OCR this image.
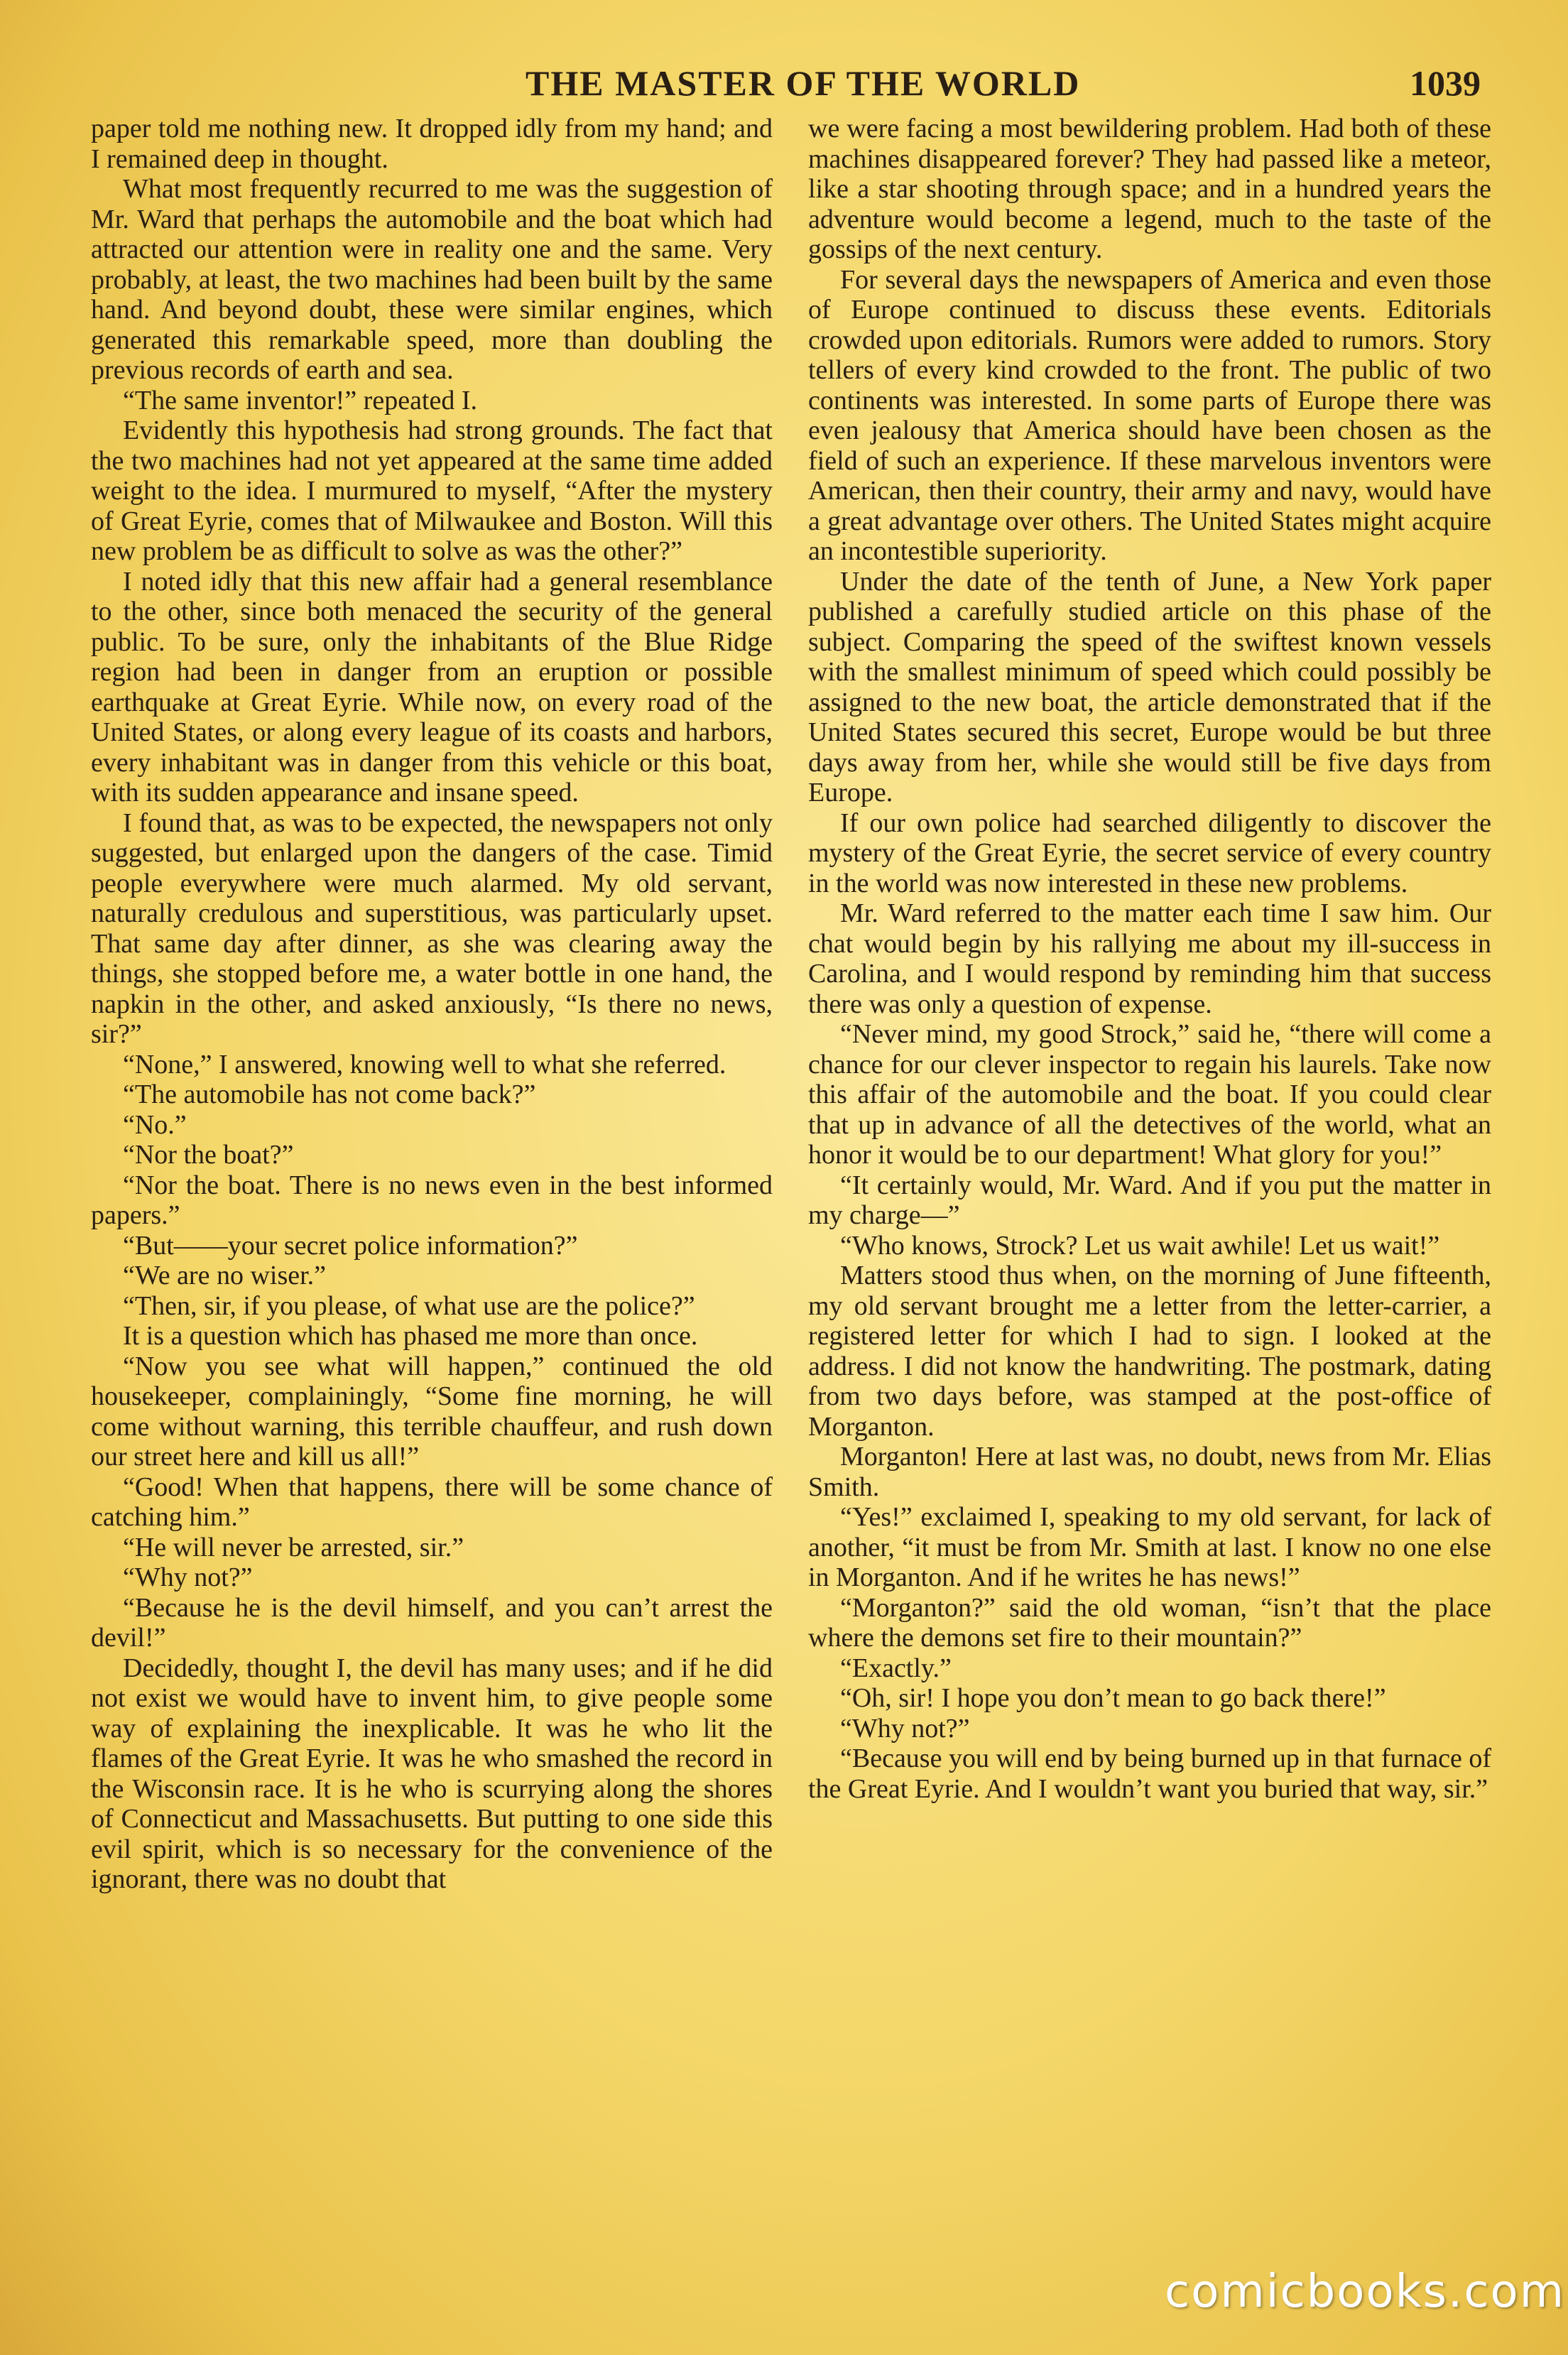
THE MASTER OF THE WORLD	1039

paper told me nothing new. It dropped idly from my hand; and I remained deep in thought.

What most frequently recurred to me was the suggestion of Mr. Ward that perhaps the automobile and the boat which had attracted our attention were in reality one and the same. Very probably, at least, the two machines had been built by the same hand. And beyond doubt, these were similar engines, which generated this remarkable speed, more than doubling the previous records of earth and sea.

“The same inventor!” repeated I.

Evidently this hypothesis had strong grounds. The fact that the two machines had not yet appeared at the same time added weight to the idea. I murmured to myself, “After the mystery of Great Eyrie, comes that of Milwaukee and Boston. Will this new problem be as difficult to solve as was the other?”

I noted idly that this new affair had a general resemblance to the other, since both menaced the security of the general public. To be sure, only the inhabitants of the Blue Ridge region had been in danger from an eruption or possible earthquake at Great Eyrie. While now, on every road of the United States, or along every league of its coasts and harbors, every inhabitant was in danger from this vehicle or this boat, with its sudden appearance and insane speed.

I found that, as was to be expected, the newspapers not only suggested, but enlarged upon the dangers of the case. Timid people everywhere were much alarmed. My old servant, naturally credulous and superstitious, was particularly upset. That same day after dinner, as she was clearing away the things, she stopped before me, a water bottle in one hand, the napkin in the other, and asked anxiously, “Is there no news, sir?”

“None,” I answered, knowing well to what she referred.

“The automobile has not come back?”

“No.”

“Nor the boat?”

“Nor the boat. There is no news even in the best informed papers.”

“But——your secret police information?”

“We are no wiser.”

“Then, sir, if you please, of what use are the police?”

It is a question which has phased me more than once.

“Now you see what will happen,” continued the old housekeeper, complainingly, “Some fine morning, he will come without warning, this terrible chauffeur, and rush down our street here and kill us all!”

“Good! When that happens, there will be some chance of catching him.”

“He will never be arrested, sir.”

“Why not?”

“Because he is the devil himself, and you can’t arrest the devil!”

Decidedly, thought I, the devil has many uses; and if he did not exist we would have to invent him, to give people some way of explaining the inexplicable. It was he who lit the flames of the Great Eyrie. It was he who smashed the record in the Wisconsin race. It is he who is scurrying along the shores of Connecticut and Massachusetts. But putting to one side this evil spirit, which is so necessary for the convenience of the ignorant, there was no doubt that

we were facing a most bewildering problem. Had both of these machines disappeared forever? They had passed like a meteor, like a star shooting through space; and in a hundred years the adventure would become a legend, much to the taste of the gossips of the next century.

For several days the newspapers of America and even those of Europe continued to discuss these events. Editorials crowded upon editorials. Rumors were added to rumors. Story tellers of every kind crowded to the front. The public of two continents was interested. In some parts of Europe there was even jealousy that America should have been chosen as the field of such an experience. If these marvelous inventors were American, then their country, their army and navy, would have a great advantage over others. The United States might acquire an incontestible superiority.

Under the date of the tenth of June, a New York paper published a carefully studied article on this phase of the subject. Comparing the speed of the swiftest known vessels with the smallest minimum of speed which could possibly be assigned to the new boat, the article demonstrated that if the United States secured this secret, Europe would be but three days away from her, while she would still be five days from Europe.

If our own police had searched diligently to discover the mystery of the Great Eyrie, the secret service of every country in the world was now interested in these new problems.

Mr. Ward referred to the matter each time I saw him. Our chat would begin by his rallying me about my ill-success in Carolina, and I would respond by reminding him that success there was only a question of expense.

“Never mind, my good Strock,” said he, “there will come a chance for our clever inspector to regain his laurels. Take now this affair of the automobile and the boat. If you could clear that up in advance of all the detectives of the world, what an honor it would be to our department! What glory for you!”

“It certainly would, Mr. Ward. And if you put the matter in my charge—”

“Who knows, Strock? Let us wait awhile! Let us wait!”

Matters stood thus when, on the morning of June fifteenth, my old servant brought me a letter from the letter-carrier, a registered letter for which I had to sign. I looked at the address. I did not know the handwriting. The postmark, dating from two days before, was stamped at the post-office of Morganton.

Morganton! Here at last was, no doubt, news from Mr. Elias Smith.

“Yes!” exclaimed I, speaking to my old servant, for lack of another, “it must be from Mr. Smith at last. I know no one else in Morganton. And if he writes he has news!”

“Morganton?” said the old woman, “isn’t that the place where the demons set fire to their mountain?”

“Exactly.”

“Oh, sir! I hope you don’t mean to go back there!”

“Why not?”

“Because you will end by being burned up in that furnace of the Great Eyrie. And I wouldn’t want you buried that way, sir.”

comicbooks.com
